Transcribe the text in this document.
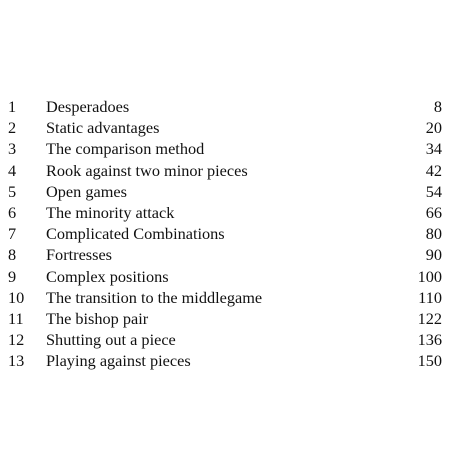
1	Desperadoes	8
2	Static advantages	20
3	The comparison method	34
4	Rook against two minor pieces	42
5	Open games	54
6	The minority attack	66
7	Complicated Combinations	80
8	Fortresses	90
9	Complex positions	100
10	The transition to the middlegame	110
11	The bishop pair	122
12	Shutting out a piece	136
13	Playing against pieces	150
